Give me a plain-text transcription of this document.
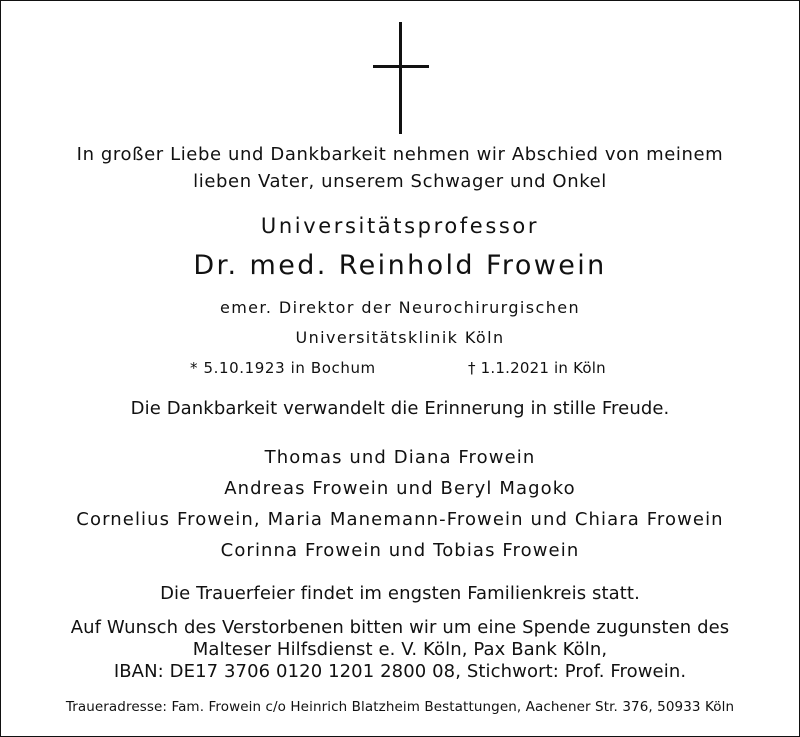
In großer Liebe und Dankbarkeit nehmen wir Abschied von meinem
lieben Vater, unserem Schwager und Onkel
Universitätsprofessor
Dr. med. Reinhold Frowein
emer. Direktor der Neurochirurgischen
Universitätsklinik Köln
* 5.10.1923 in Bochum	† 1.1.2021 in Köln
Die Dankbarkeit verwandelt die Erinnerung in stille Freude.
Thomas und Diana Frowein
Andreas Frowein und Beryl Magoko
Cornelius Frowein, Maria Manemann-Frowein und Chiara Frowein
Corinna Frowein und Tobias Frowein
Die Trauerfeier findet im engsten Familienkreis statt.
Auf Wunsch des Verstorbenen bitten wir um eine Spende zugunsten des
Malteser Hilfsdienst e. V. Köln, Pax Bank Köln,
IBAN: DE17 3706 0120 1201 2800 08, Stichwort: Prof. Frowein.
Traueradresse: Fam. Frowein c/o Heinrich Blatzheim Bestattungen, Aachener Str. 376, 50933 Köln
